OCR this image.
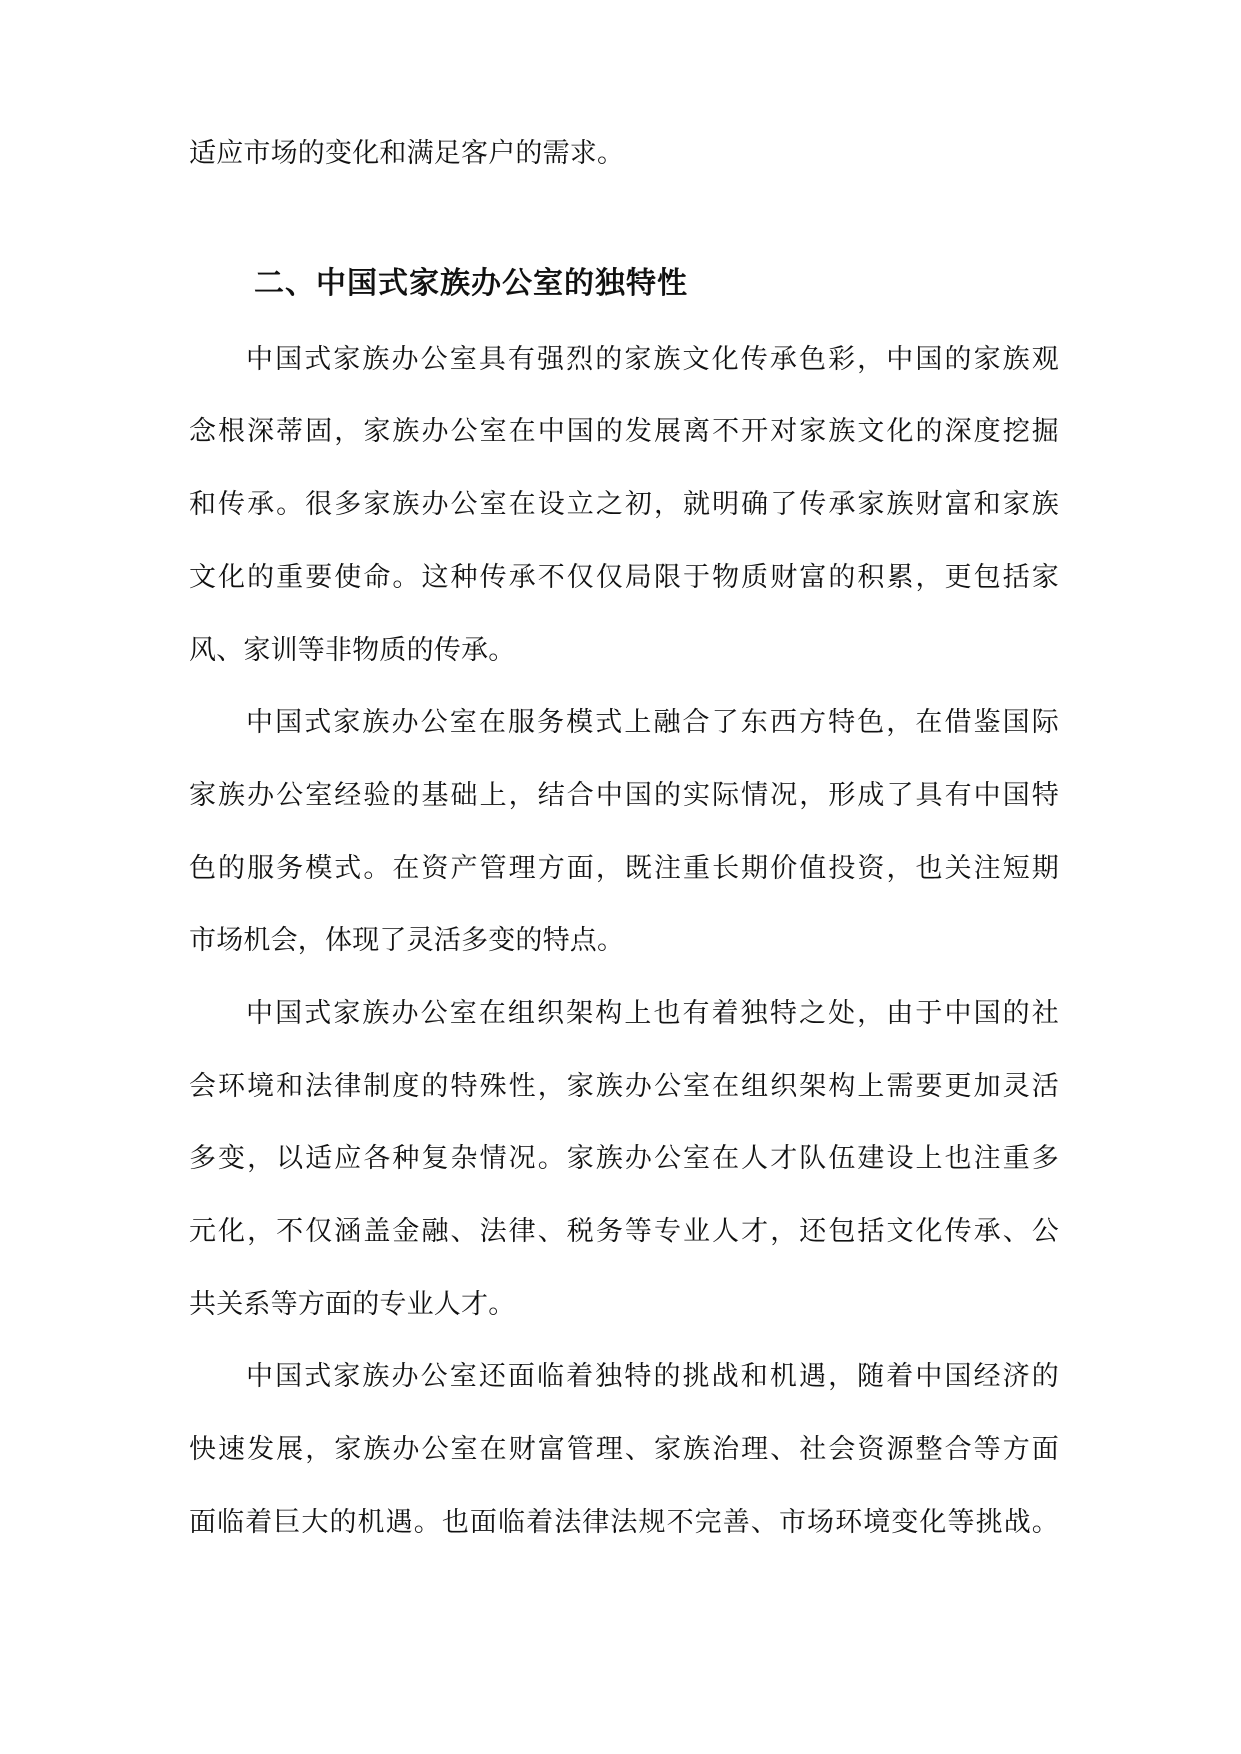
适应市场的变化和满足客户的需求。
二、中国式家族办公室的独特性
中国式家族办公室具有强烈的家族文化传承色彩，中国的家族观
念根深蒂固，家族办公室在中国的发展离不开对家族文化的深度挖掘
和传承。很多家族办公室在设立之初，就明确了传承家族财富和家族
文化的重要使命。这种传承不仅仅局限于物质财富的积累，更包括家
风、家训等非物质的传承。
中国式家族办公室在服务模式上融合了东西方特色，在借鉴国际
家族办公室经验的基础上，结合中国的实际情况，形成了具有中国特
色的服务模式。在资产管理方面，既注重长期价值投资，也关注短期
市场机会，体现了灵活多变的特点。
中国式家族办公室在组织架构上也有着独特之处，由于中国的社
会环境和法律制度的特殊性，家族办公室在组织架构上需要更加灵活
多变，以适应各种复杂情况。家族办公室在人才队伍建设上也注重多
元化，不仅涵盖金融、法律、税务等专业人才，还包括文化传承、公
共关系等方面的专业人才。
中国式家族办公室还面临着独特的挑战和机遇，随着中国经济的
快速发展，家族办公室在财富管理、家族治理、社会资源整合等方面
面临着巨大的机遇。也面临着法律法规不完善、市场环境变化等挑战。
